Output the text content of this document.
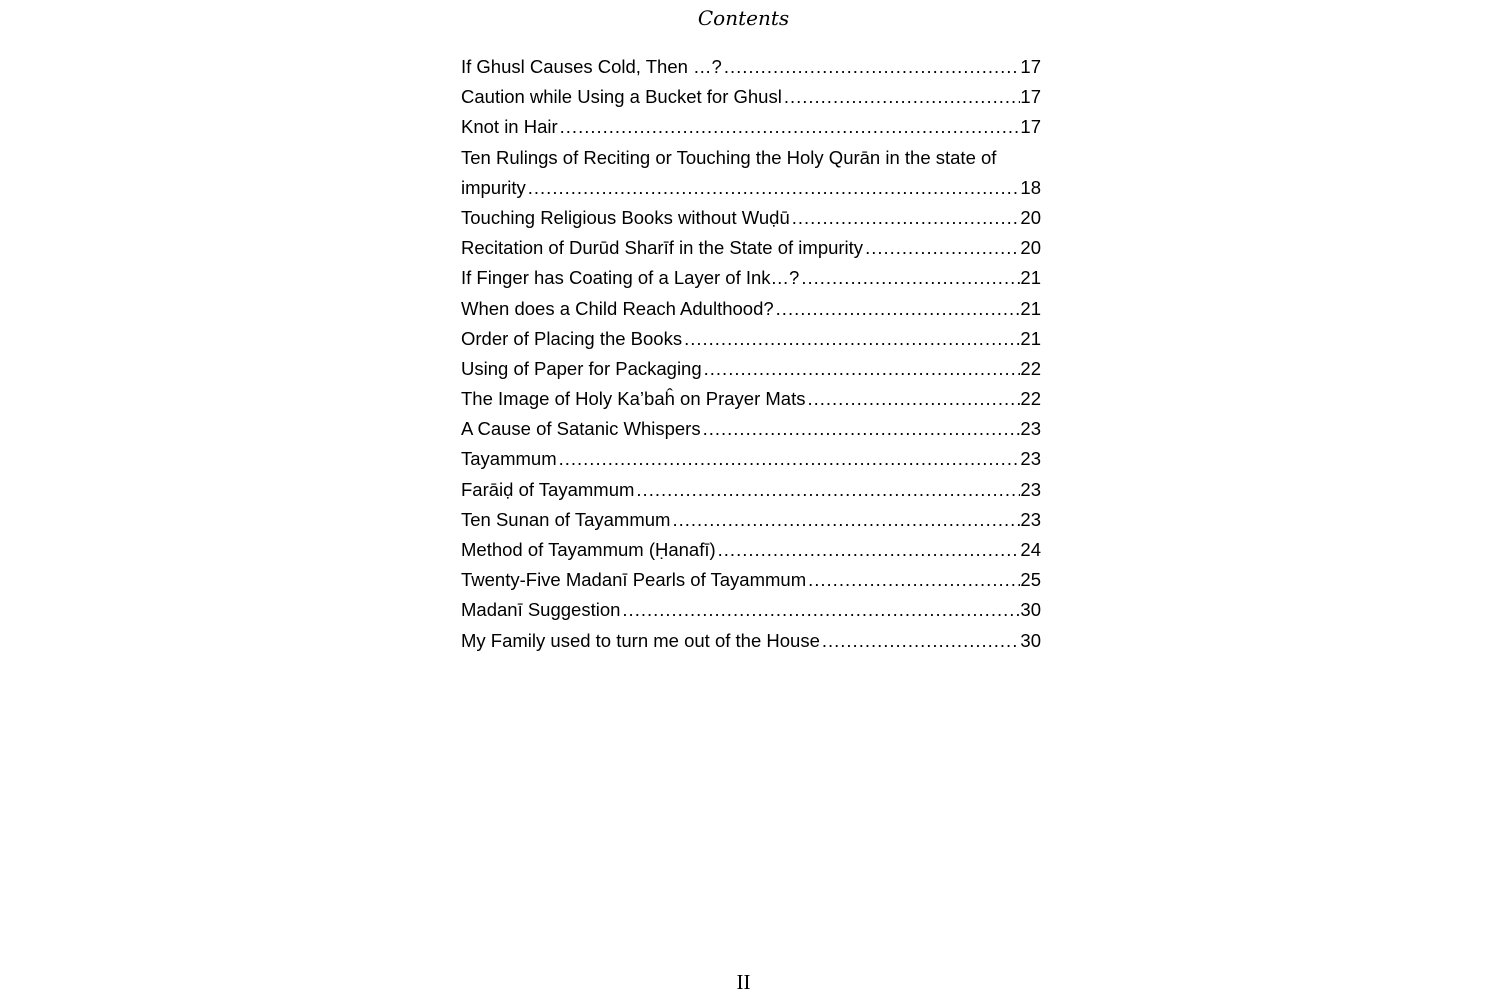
Contents
If Ghusl Causes Cold, Then …? .....	17
Caution while Using a Bucket for Ghusl .....	17
Knot in Hair .....	17
Ten Rulings of Reciting or Touching the Holy Qurān in the state of
impurity .....	18
Touching Religious Books without Wuḍū .....	20
Recitation of Durūd Sharīf in the State of impurity .....	20
If Finger has Coating of a Layer of Ink…? .....	21
When does a Child Reach Adulthood? .....	21
Order of Placing the Books .....	21
Using of Paper for Packaging .....	22
The Image of Holy Ka’baĥ on Prayer Mats .....	22
A Cause of Satanic Whispers .....	23
Tayammum .....	23
Farāiḍ of Tayammum .....	23
Ten Sunan of Tayammum .....	23
Method of Tayammum (Ḥanafī) .....	24
Twenty-Five Madanī Pearls of Tayammum .....	25
Madanī Suggestion .....	30
My Family used to turn me out of the House .....	30
II
